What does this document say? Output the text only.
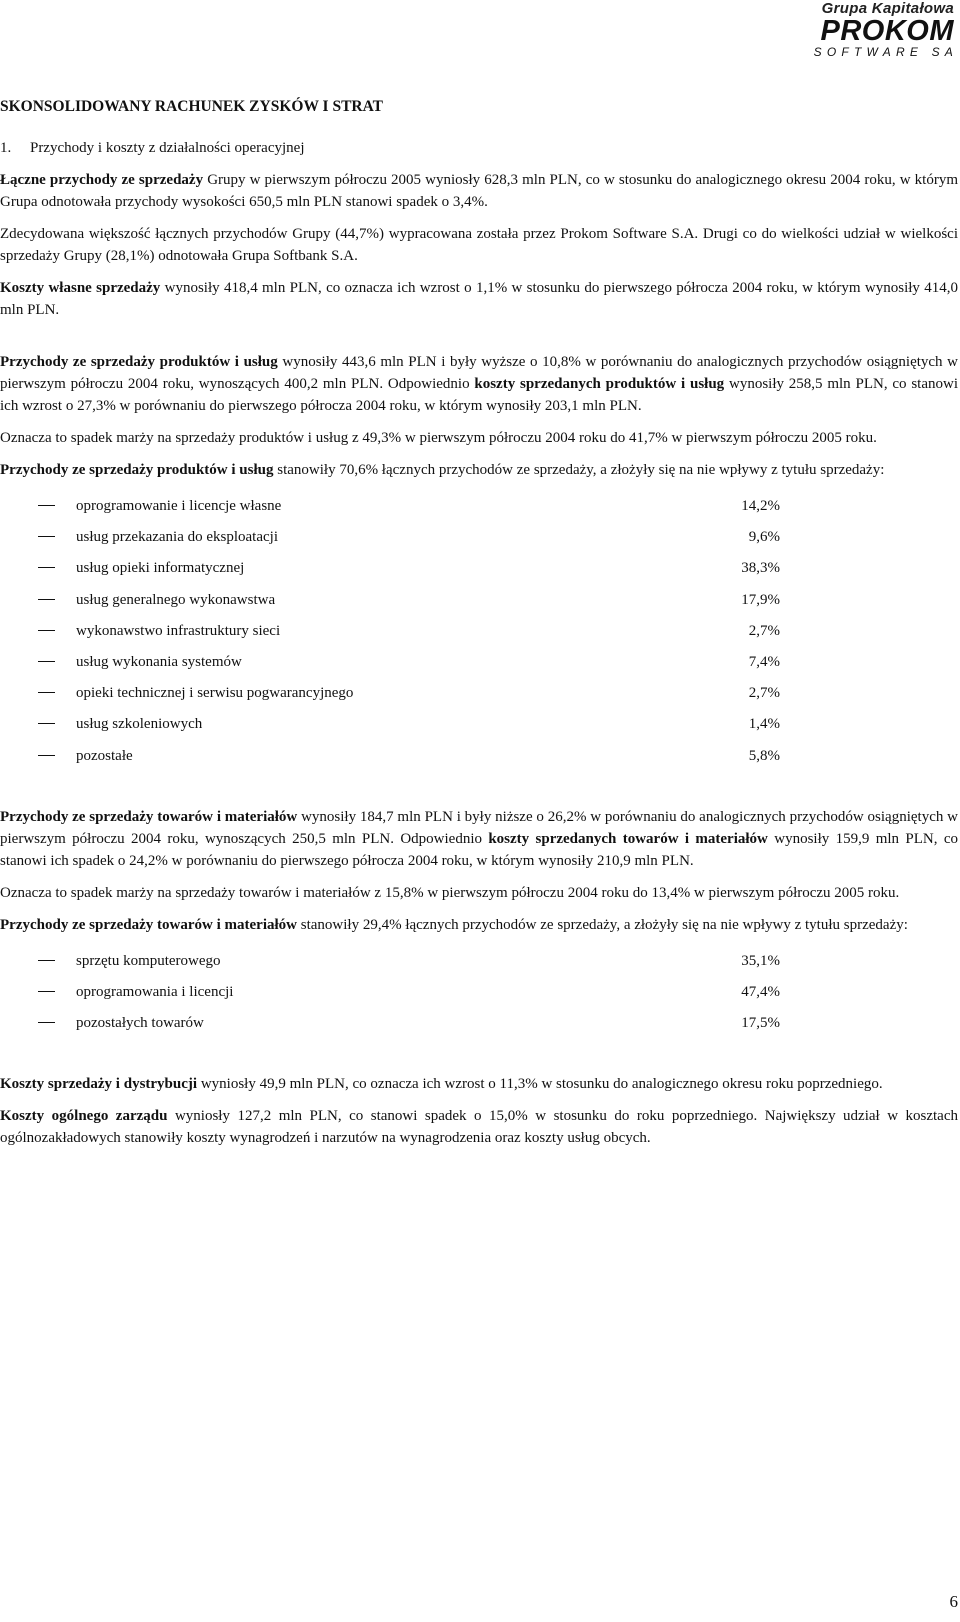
Grupa Kapitałowa
PROKOM
SOFTWARE SA

SKONSOLIDOWANY RACHUNEK ZYSKÓW I STRAT

1. Przychody i koszty z działalności operacyjnej

Łączne przychody ze sprzedaży Grupy w pierwszym półroczu 2005 wyniosły 628,3 mln PLN, co w stosunku do analogicznego okresu 2004 roku, w którym Grupa odnotowała przychody wysokości 650,5 mln PLN stanowi spadek o 3,4%.

Zdecydowana większość łącznych przychodów Grupy (44,7%) wypracowana została przez Prokom Software S.A. Drugi co do wielkości udział w wielkości sprzedaży Grupy (28,1%) odnotowała Grupa Softbank S.A.

Koszty własne sprzedaży wynosiły 418,4 mln PLN, co oznacza ich wzrost o 1,1% w stosunku do pierwszego półrocza 2004 roku, w którym wynosiły 414,0 mln PLN.

Przychody ze sprzedaży produktów i usług wynosiły 443,6 mln PLN i były wyższe o 10,8% w porównaniu do analogicznych przychodów osiągniętych w pierwszym półroczu 2004 roku, wynoszących 400,2 mln PLN. Odpowiednio koszty sprzedanych produktów i usług wynosiły 258,5 mln PLN, co stanowi ich wzrost o 27,3% w porównaniu do pierwszego półrocza 2004 roku, w którym wynosiły 203,1 mln PLN.

Oznacza to spadek marży na sprzedaży produktów i usług z 49,3% w pierwszym półroczu 2004 roku do 41,7% w pierwszym półroczu 2005 roku.

Przychody ze sprzedaży produktów i usług stanowiły 70,6% łącznych przychodów ze sprzedaży, a złożyły się na nie wpływy z tytułu sprzedaży:

oprogramowanie i licencje własne	14,2%
usług przekazania do eksploatacji	9,6%
usług opieki informatycznej	38,3%
usług generalnego wykonawstwa	17,9%
wykonawstwo infrastruktury sieci	2,7%
usług wykonania systemów	7,4%
opieki technicznej i serwisu pogwarancyjnego	2,7%
usług szkoleniowych	1,4%
pozostałe	5,8%

Przychody ze sprzedaży towarów i materiałów wynosiły 184,7 mln PLN i były niższe o 26,2% w porównaniu do analogicznych przychodów osiągniętych w pierwszym półroczu 2004 roku, wynoszących 250,5 mln PLN. Odpowiednio koszty sprzedanych towarów i materiałów wynosiły 159,9 mln PLN, co stanowi ich spadek o 24,2% w porównaniu do pierwszego półrocza 2004 roku, w którym wynosiły 210,9 mln PLN.

Oznacza to spadek marży na sprzedaży towarów i materiałów z 15,8% w pierwszym półroczu 2004 roku do 13,4% w pierwszym półroczu 2005 roku.

Przychody ze sprzedaży towarów i materiałów stanowiły 29,4% łącznych przychodów ze sprzedaży, a złożyły się na nie wpływy z tytułu sprzedaży:

sprzętu komputerowego	35,1%
oprogramowania i licencji	47,4%
pozostałych towarów	17,5%

Koszty sprzedaży i dystrybucji wyniosły 49,9 mln PLN, co oznacza ich wzrost o 11,3% w stosunku do analogicznego okresu roku poprzedniego.

Koszty ogólnego zarządu wyniosły 127,2 mln PLN, co stanowi spadek o 15,0% w stosunku do roku poprzedniego. Największy udział w kosztach ogólnozakładowych stanowiły koszty wynagrodzeń i narzutów na wynagrodzenia oraz koszty usług obcych.

6
